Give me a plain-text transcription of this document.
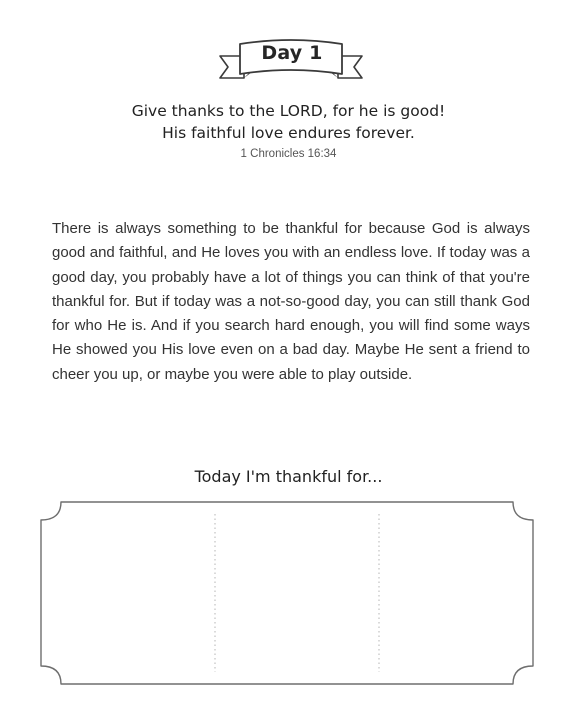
Day 1
Give thanks to the LORD, for he is good!
His faithful love endures forever.
1 Chronicles 16:34
There is always something to be thankful for because God is always good and faithful, and He loves you with an endless love. If today was a good day, you probably have a lot of things you can think of that you're thankful for. But if today was a not-so-good day, you can still thank God for who He is. And if you search hard enough, you will find some ways He showed you His love even on a bad day. Maybe He sent a friend to cheer you up, or maybe you were able to play outside.
Today I'm thankful for...
